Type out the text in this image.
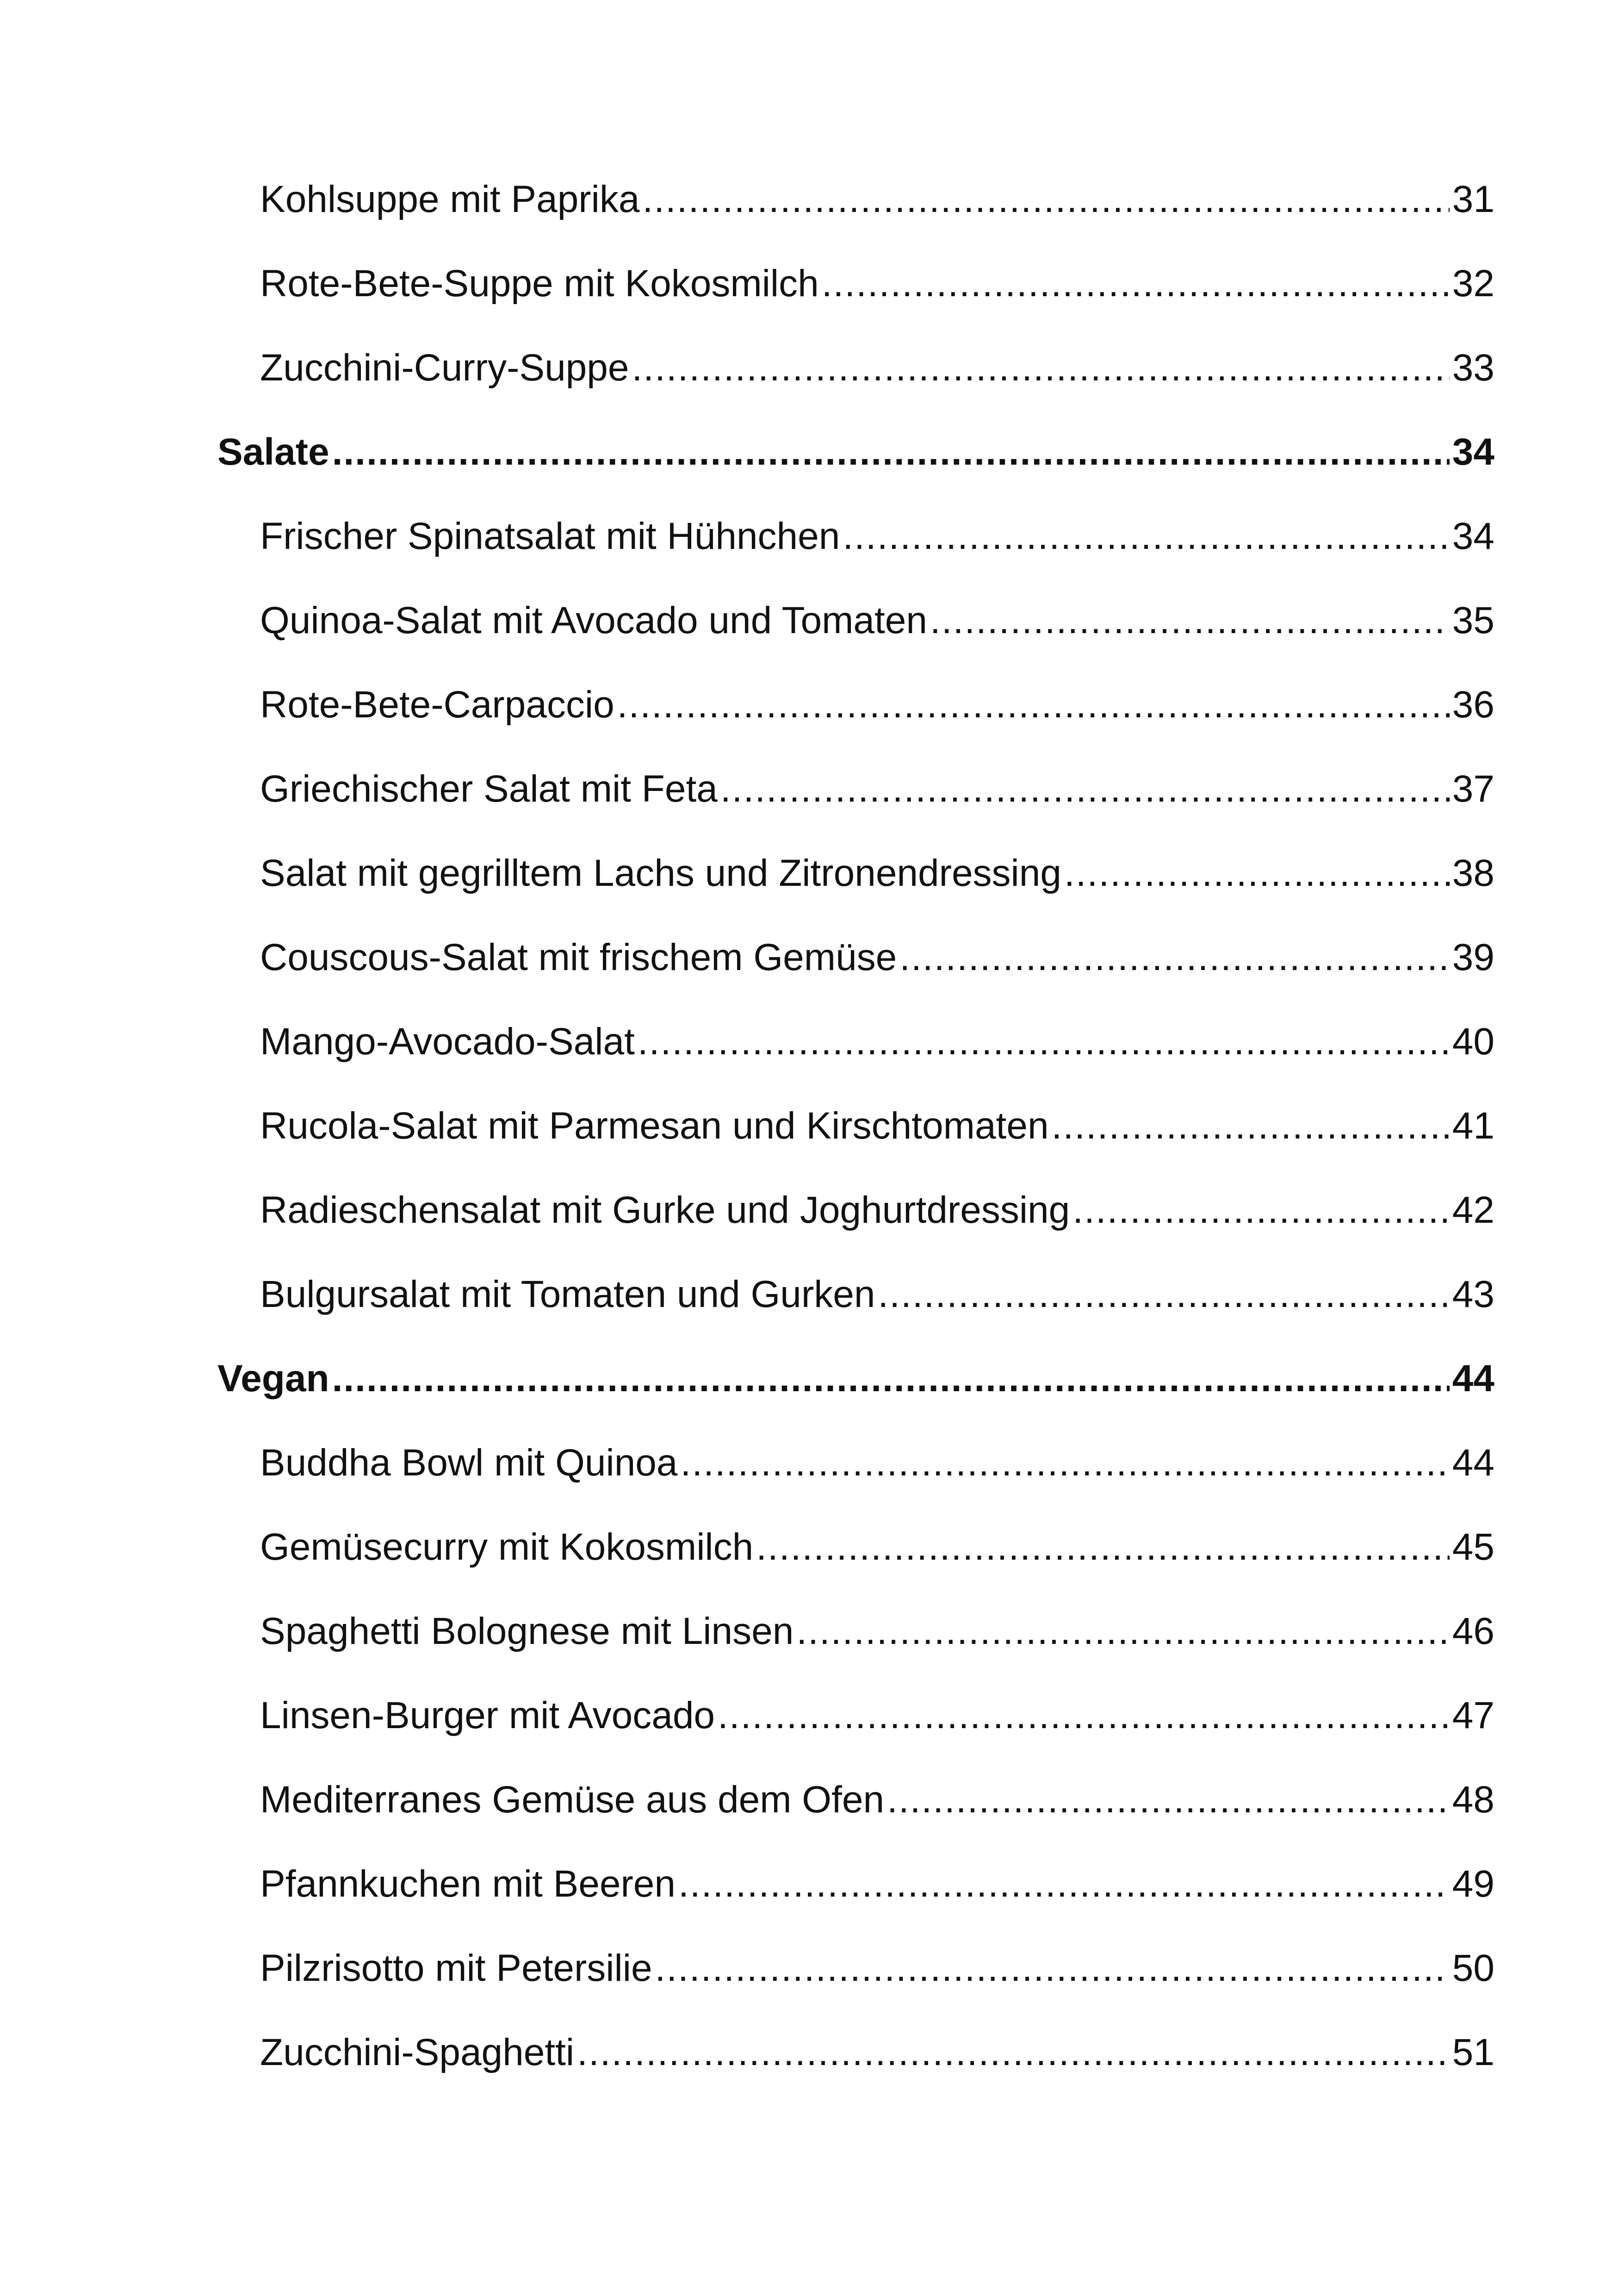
Kohlsuppe mit Paprika .....	31
Rote-Bete-Suppe mit Kokosmilch .....	32
Zucchini-Curry-Suppe .....	33
Salate .....	34
Frischer Spinatsalat mit Hühnchen .....	34
Quinoa-Salat mit Avocado und Tomaten .....	35
Rote-Bete-Carpaccio .....	36
Griechischer Salat mit Feta .....	37
Salat mit gegrilltem Lachs und Zitronendressing .....	38
Couscous-Salat mit frischem Gemüse .....	39
Mango-Avocado-Salat .....	40
Rucola-Salat mit Parmesan und Kirschtomaten .....	41
Radieschensalat mit Gurke und Joghurtdressing .....	42
Bulgursalat mit Tomaten und Gurken .....	43
Vegan .....	44
Buddha Bowl mit Quinoa .....	44
Gemüsecurry mit Kokosmilch .....	45
Spaghetti Bolognese mit Linsen .....	46
Linsen-Burger mit Avocado .....	47
Mediterranes Gemüse aus dem Ofen .....	48
Pfannkuchen mit Beeren .....	49
Pilzrisotto mit Petersilie .....	50
Zucchini-Spaghetti .....	51
